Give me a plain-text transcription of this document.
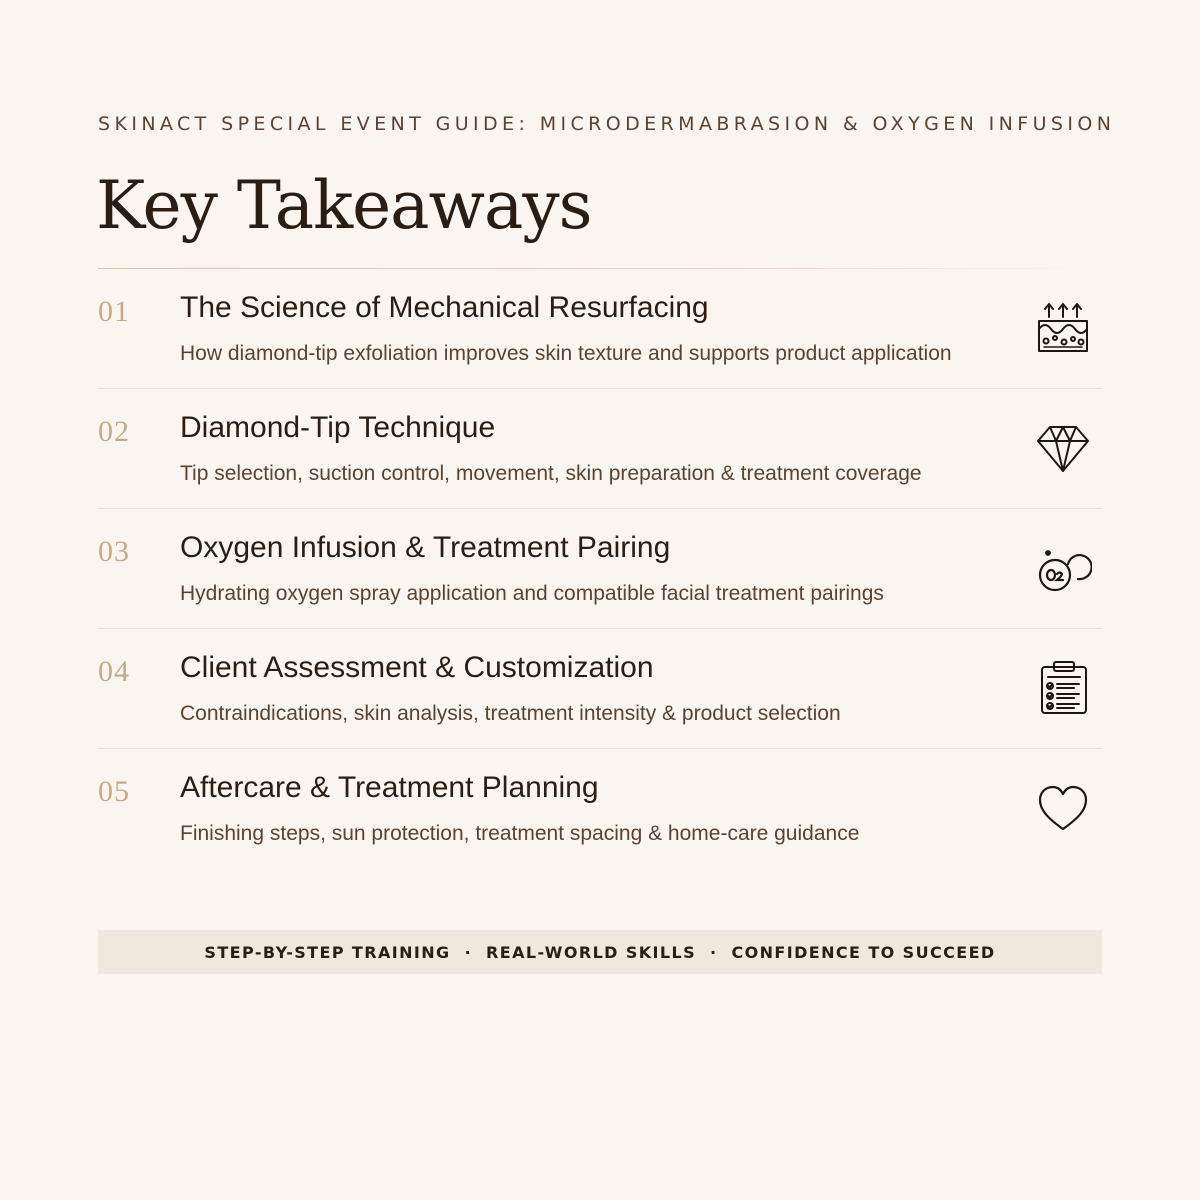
SKINACT SPECIAL EVENT GUIDE: MICRODERMABRASION & OXYGEN INFUSION
Key Takeaways
01 The Science of Mechanical Resurfacing
How diamond-tip exfoliation improves skin texture and supports product application
02 Diamond-Tip Technique
Tip selection, suction control, movement, skin preparation & treatment coverage
03 Oxygen Infusion & Treatment Pairing
Hydrating oxygen spray application and compatible facial treatment pairings
04 Client Assessment & Customization
Contraindications, skin analysis, treatment intensity & product selection
05 Aftercare & Treatment Planning
Finishing steps, sun protection, treatment spacing & home-care guidance
STEP-BY-STEP TRAINING · REAL-WORLD SKILLS · CONFIDENCE TO SUCCEED
